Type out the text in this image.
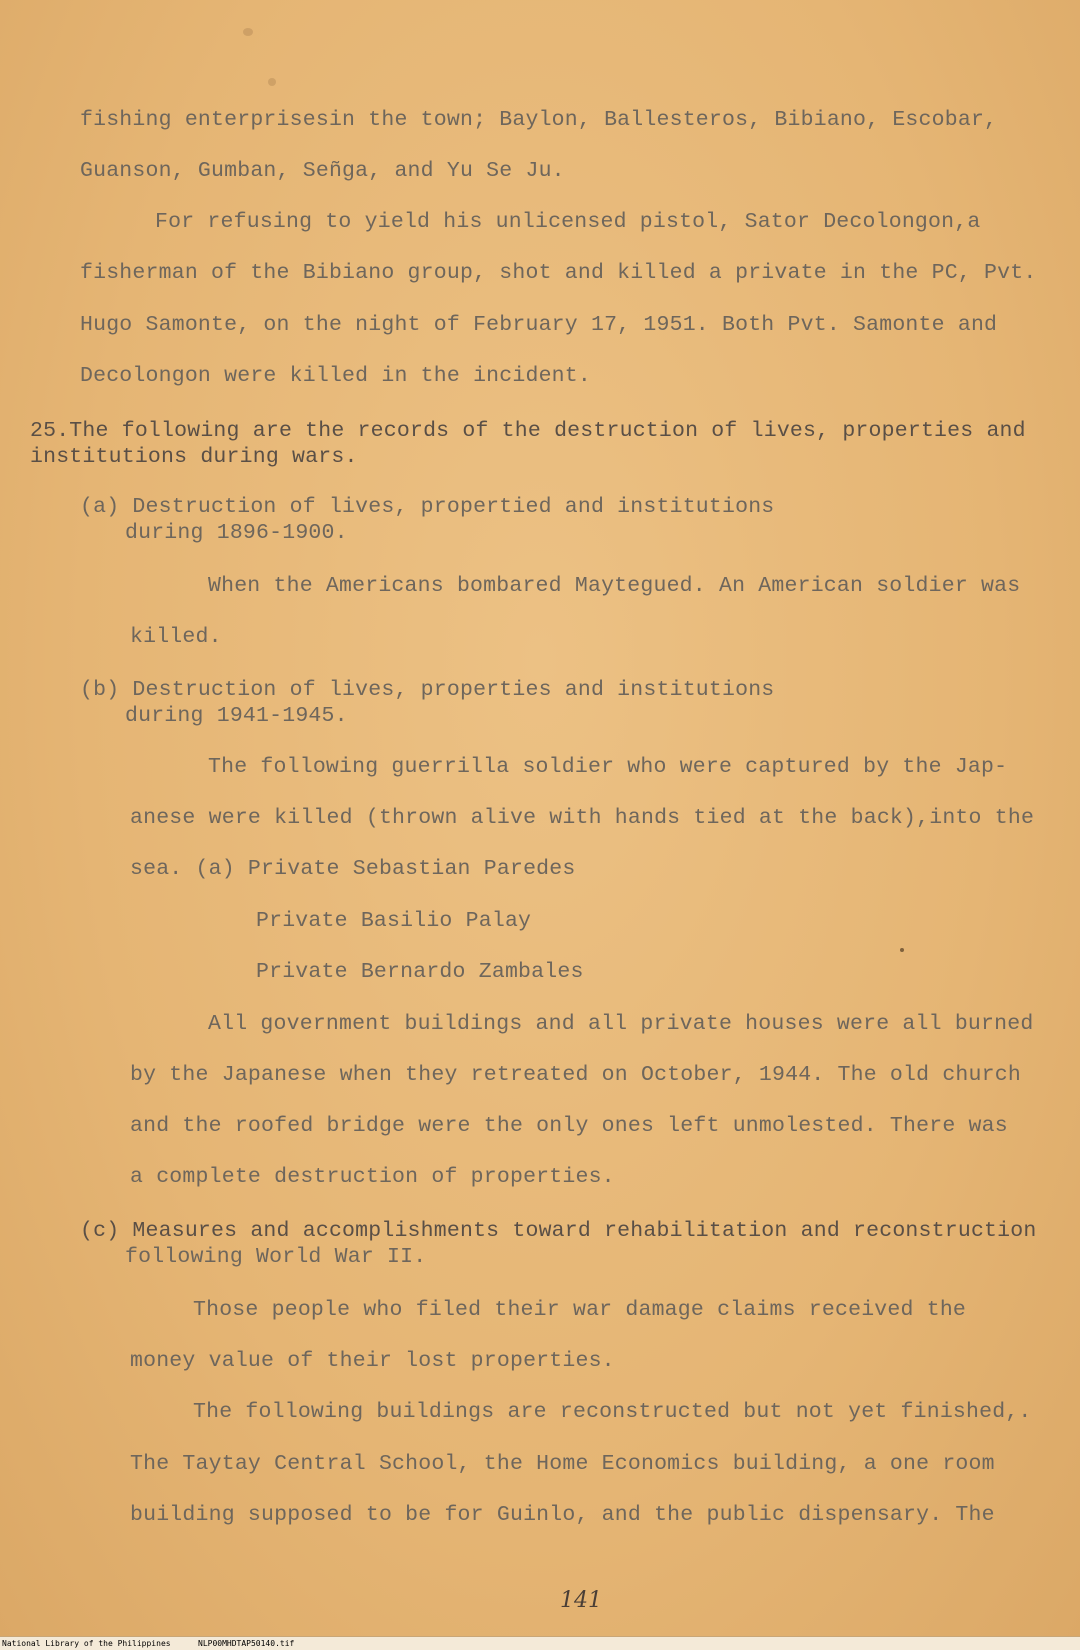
fishing enterprisesin the town; Baylon, Ballesteros, Bibiano, Escobar,

Guanson, Gumban, Señga, and Yu Se Ju.

For refusing to yield his unlicensed pistol, Sator Decolongon,a

fisherman of the Bibiano group, shot and killed a private in the PC, Pvt.

Hugo Samonte, on the night of February 17, 1951. Both Pvt. Samonte and

Decolongon were killed in the incident.

25.The following are the records of the destruction of lives, properties and

institutions during wars.

(a) Destruction of lives, propertied and institutions

during 1896-1900.

When the Americans bombared Maytegued. An American soldier was

killed.

(b) Destruction of lives, properties and institutions

during 1941-1945.

The following guerrilla soldier who were captured by the Jap-

anese were killed (thrown alive with hands tied at the back),into the

sea. (a) Private Sebastian Paredes

Private Basilio Palay

Private Bernardo Zambales

All government buildings and all private houses were all burned

by the Japanese when they retreated on October, 1944. The old church

and the roofed bridge were the only ones left unmolested. There was

a complete destruction of properties.

(c) Measures and accomplishments toward rehabilitation and reconstruction

following World War II.

Those people who filed their war damage claims received the

money value of their lost properties.

The following buildings are reconstructed but not yet finished,.

The Taytay Central School, the Home Economics building, a one room

building supposed to be for Guinlo, and the public dispensary. The

141
National Library of the Philippines	NLP00MHDTAP50140.tif
